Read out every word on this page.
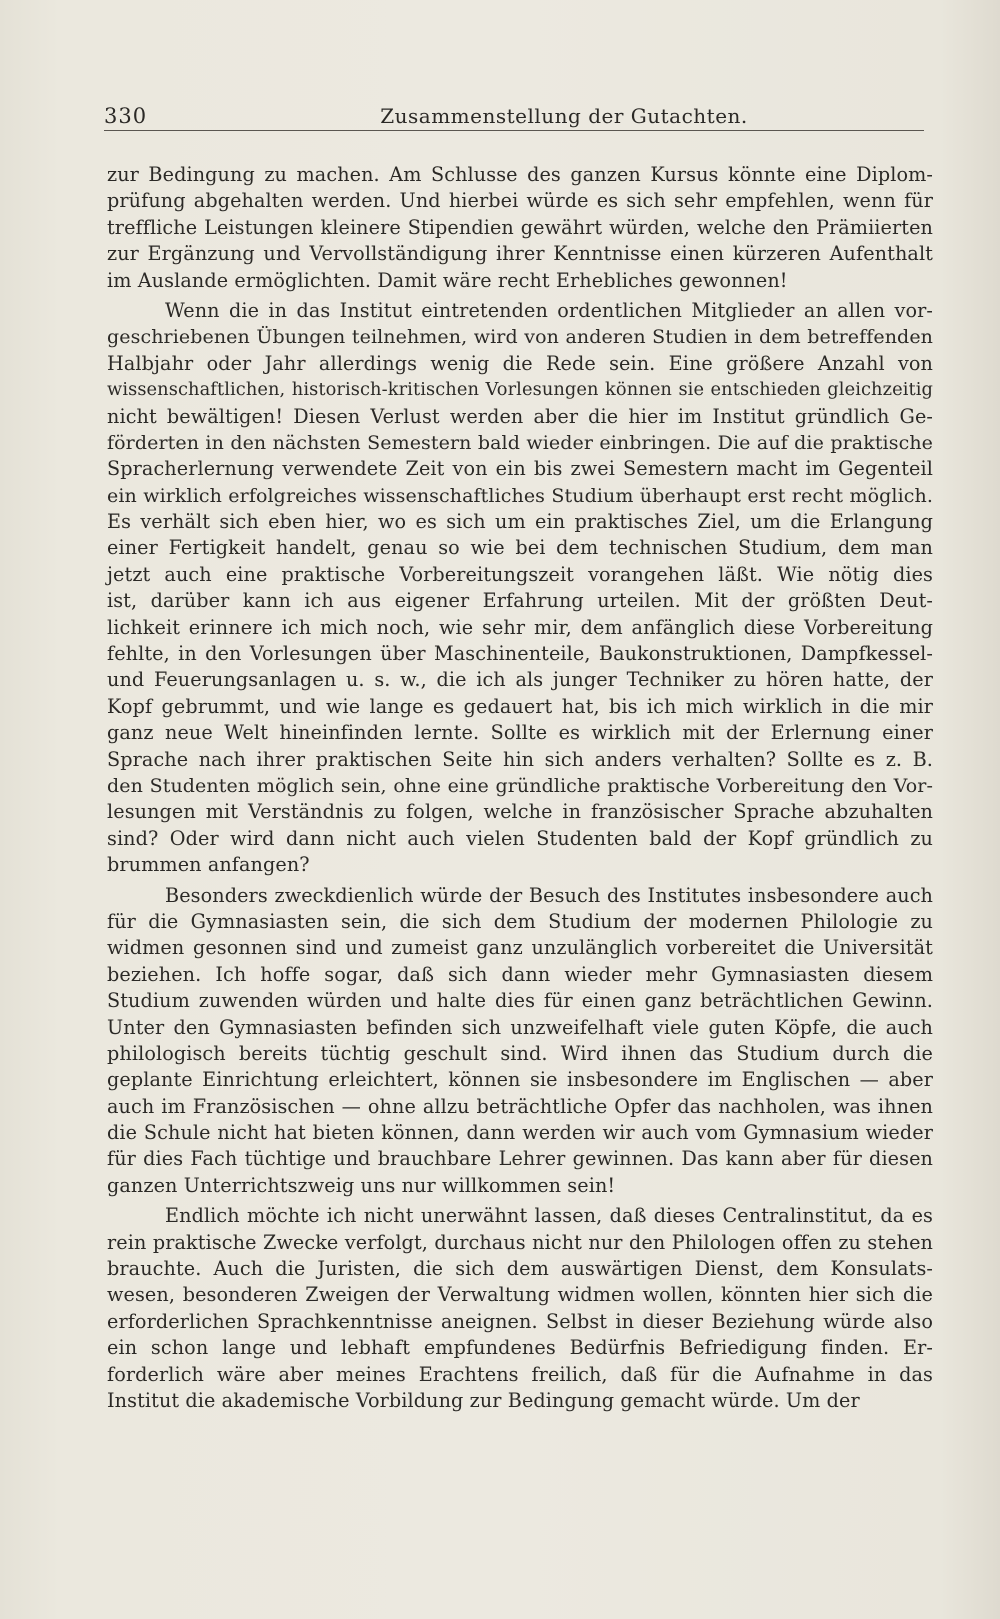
330	Zusammenstellung der Gutachten.
zur Bedingung zu machen. Am Schlusse des ganzen Kursus könnte eine Diplom-
prüfung abgehalten werden. Und hierbei würde es sich sehr empfehlen, wenn für
treffliche Leistungen kleinere Stipendien gewährt würden, welche den Prämiierten
zur Ergänzung und Vervollständigung ihrer Kenntnisse einen kürzeren Aufenthalt
im Auslande ermöglichten. Damit wäre recht Erhebliches gewonnen!
Wenn die in das Institut eintretenden ordentlichen Mitglieder an allen vor-
geschriebenen Übungen teilnehmen, wird von anderen Studien in dem betreffenden
Halbjahr oder Jahr allerdings wenig die Rede sein. Eine größere Anzahl von
wissenschaftlichen, historisch-kritischen Vorlesungen können sie entschieden gleichzeitig
nicht bewältigen! Diesen Verlust werden aber die hier im Institut gründlich Ge-
förderten in den nächsten Semestern bald wieder einbringen. Die auf die praktische
Spracherlernung verwendete Zeit von ein bis zwei Semestern macht im Gegenteil
ein wirklich erfolgreiches wissenschaftliches Studium überhaupt erst recht möglich.
Es verhält sich eben hier, wo es sich um ein praktisches Ziel, um die Erlangung
einer Fertigkeit handelt, genau so wie bei dem technischen Studium, dem man
jetzt auch eine praktische Vorbereitungszeit vorangehen läßt. Wie nötig dies
ist, darüber kann ich aus eigener Erfahrung urteilen. Mit der größten Deut-
lichkeit erinnere ich mich noch, wie sehr mir, dem anfänglich diese Vorbereitung
fehlte, in den Vorlesungen über Maschinenteile, Baukonstruktionen, Dampfkessel-
und Feuerungsanlagen u. s. w., die ich als junger Techniker zu hören hatte, der
Kopf gebrummt, und wie lange es gedauert hat, bis ich mich wirklich in die mir
ganz neue Welt hineinfinden lernte. Sollte es wirklich mit der Erlernung einer
Sprache nach ihrer praktischen Seite hin sich anders verhalten? Sollte es z. B.
den Studenten möglich sein, ohne eine gründliche praktische Vorbereitung den Vor-
lesungen mit Verständnis zu folgen, welche in französischer Sprache abzuhalten
sind? Oder wird dann nicht auch vielen Studenten bald der Kopf gründlich zu
brummen anfangen?
Besonders zweckdienlich würde der Besuch des Institutes insbesondere auch
für die Gymnasiasten sein, die sich dem Studium der modernen Philologie zu
widmen gesonnen sind und zumeist ganz unzulänglich vorbereitet die Universität
beziehen. Ich hoffe sogar, daß sich dann wieder mehr Gymnasiasten diesem
Studium zuwenden würden und halte dies für einen ganz beträchtlichen Gewinn.
Unter den Gymnasiasten befinden sich unzweifelhaft viele guten Köpfe, die auch
philologisch bereits tüchtig geschult sind. Wird ihnen das Studium durch die
geplante Einrichtung erleichtert, können sie insbesondere im Englischen — aber
auch im Französischen — ohne allzu beträchtliche Opfer das nachholen, was ihnen
die Schule nicht hat bieten können, dann werden wir auch vom Gymnasium wieder
für dies Fach tüchtige und brauchbare Lehrer gewinnen. Das kann aber für diesen
ganzen Unterrichtszweig uns nur willkommen sein!
Endlich möchte ich nicht unerwähnt lassen, daß dieses Centralinstitut, da es
rein praktische Zwecke verfolgt, durchaus nicht nur den Philologen offen zu stehen
brauchte. Auch die Juristen, die sich dem auswärtigen Dienst, dem Konsulats-
wesen, besonderen Zweigen der Verwaltung widmen wollen, könnten hier sich die
erforderlichen Sprachkenntnisse aneignen. Selbst in dieser Beziehung würde also
ein schon lange und lebhaft empfundenes Bedürfnis Befriedigung finden. Er-
forderlich wäre aber meines Erachtens freilich, daß für die Aufnahme in das
Institut die akademische Vorbildung zur Bedingung gemacht würde. Um der
